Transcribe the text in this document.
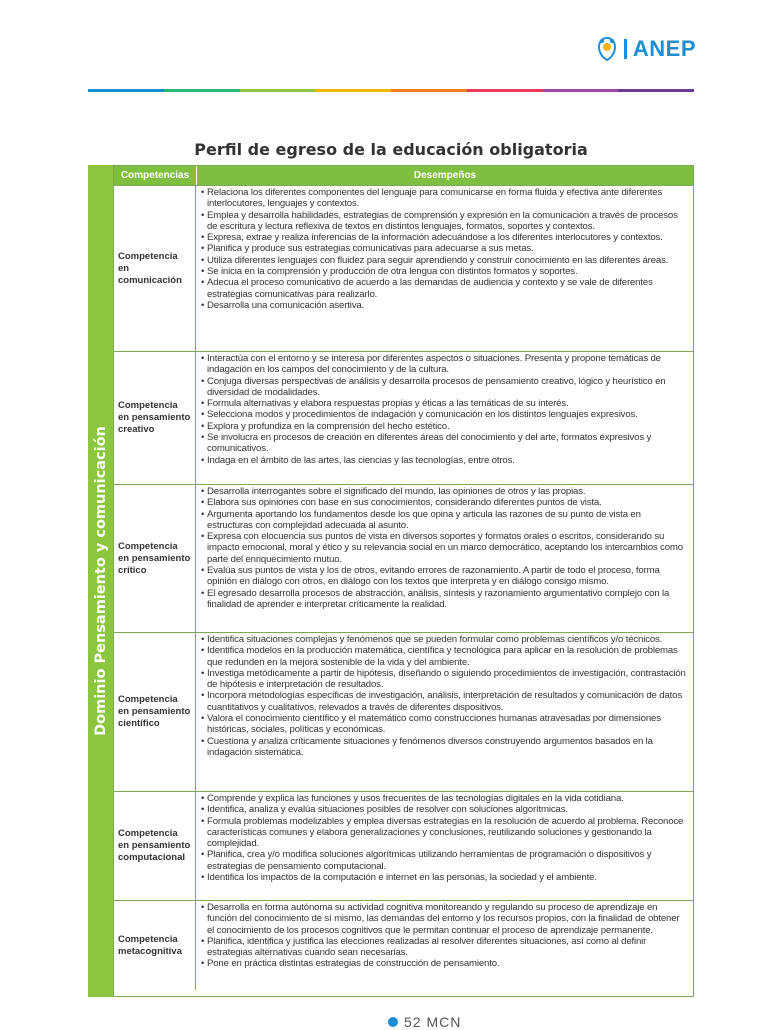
ANEP
Perfil de egreso de la educación obligatoria
Dominio Pensamiento y comunicación
Competencias	Desempeños
Competencia en comunicación
• Relaciona los diferentes componentes del lenguaje para comunicarse en forma fluida y efectiva ante diferentes interlocutores, lenguajes y contextos.
• Emplea y desarrolla habilidades, estrategias de comprensión y expresión en la comunicación a través de procesos de escritura y lectura reflexiva de textos en distintos lenguajes, formatos, soportes y contextos.
• Expresa, extrae y realiza inferencias de la información adecuándose a los diferentes interlocutores y contextos.
• Planifica y produce sus estrategias comunicativas para adecuarse a sus metas.
• Utiliza diferentes lenguajes con fluidez para seguir aprendiendo y construir conocimiento en las diferentes áreas.
• Se inicia en la comprensión y producción de otra lengua con distintos formatos y soportes.
• Adecua el proceso comunicativo de acuerdo a las demandas de audiencia y contexto y se vale de diferentes estrategias comunicativas para realizarlo.
• Desarrolla una comunicación asertiva.
Competencia en pensamiento creativo
• Interactúa con el entorno y se interesa por diferentes aspectos o situaciones. Presenta y propone temáticas de indagación en los campos del conocimiento y de la cultura.
• Conjuga diversas perspectivas de análisis y desarrolla procesos de pensamiento creativo, lógico y heurístico en diversidad de modalidades.
• Formula alternativas y elabora respuestas propias y éticas a las temáticas de su interés.
• Selecciona modos y procedimientos de indagación y comunicación en los distintos lenguajes expresivos.
• Explora y profundiza en la comprensión del hecho estético.
• Se involucra en procesos de creación en diferentes áreas del conocimiento y del arte, formatos expresivos y comunicativos.
• Indaga en el ámbito de las artes, las ciencias y las tecnologías, entre otros.
Competencia en pensamiento crítico
• Desarrolla interrogantes sobre el significado del mundo, las opiniones de otros y las propias.
• Elabora sus opiniones con base en sus conocimientos, considerando diferentes puntos de vista.
• Argumenta aportando los fundamentos desde los que opina y articula las razones de su punto de vista en estructuras con complejidad adecuada al asunto.
• Expresa con elocuencia sus puntos de vista en diversos soportes y formatos orales o escritos, considerando su impacto emocional, moral y ético y su relevancia social en un marco democrático, aceptando los intercambios como parte del enriquecimiento mutuo.
• Evalúa sus puntos de vista y los de otros, evitando errores de razonamiento. A partir de todo el proceso, forma opinión en diálogo con otros, en diálogo con los textos que interpreta y en diálogo consigo mismo.
• El egresado desarrolla procesos de abstracción, análisis, síntesis y razonamiento argumentativo complejo con la finalidad de aprender e interpretar críticamente la realidad.
Competencia en pensamiento científico
• Identifica situaciones complejas y fenómenos que se pueden formular como problemas científicos y/o técnicos.
• Identifica modelos en la producción matemática, científica y tecnológica para aplicar en la resolución de problemas que redunden en la mejora sostenible de la vida y del ambiente.
• Investiga metódicamente a partir de hipótesis, diseñando o siguiendo procedimientos de investigación, contrastación de hipótesis e interpretación de resultados.
• Incorpora metodologías específicas de investigación, análisis, interpretación de resultados y comunicación de datos cuantitativos y cualitativos, relevados a través de diferentes dispositivos.
• Valora el conocimiento científico y el matemático como construcciones humanas atravesadas por dimensiones históricas, sociales, políticas y económicas.
• Cuestiona y analiza críticamente situaciones y fenómenos diversos construyendo argumentos basados en la indagación sistemática.
Competencia en pensamiento computacional
• Comprende y explica las funciones y usos frecuentes de las tecnologías digitales en la vida cotidiana.
• Identifica, analiza y evalúa situaciones posibles de resolver con soluciones algorítmicas.
• Formula problemas modelizables y emplea diversas estrategias en la resolución de acuerdo al problema. Reconoce características comunes y elabora generalizaciones y conclusiones, reutilizando soluciones y gestionando la complejidad.
• Planifica, crea y/o modifica soluciones algorítmicas utilizando herramientas de programación o dispositivos y estrategias de pensamiento computacional.
• Identifica los impactos de la computación e internet en las personas, la sociedad y el ambiente.
Competencia metacognitiva
• Desarrolla en forma autónoma su actividad cognitiva monitoreando y regulando su proceso de aprendizaje en función del conocimiento de sí mismo, las demandas del entorno y los recursos propios, con la finalidad de obtener el conocimiento de los procesos cognitivos que le permitan continuar el proceso de aprendizaje permanente.
• Planifica, identifica y justifica las elecciones realizadas al resolver diferentes situaciones, así como al definir estrategias alternativas cuando sean necesarias.
• Pone en práctica distintas estrategias de construcción de pensamiento.
52 MCN
